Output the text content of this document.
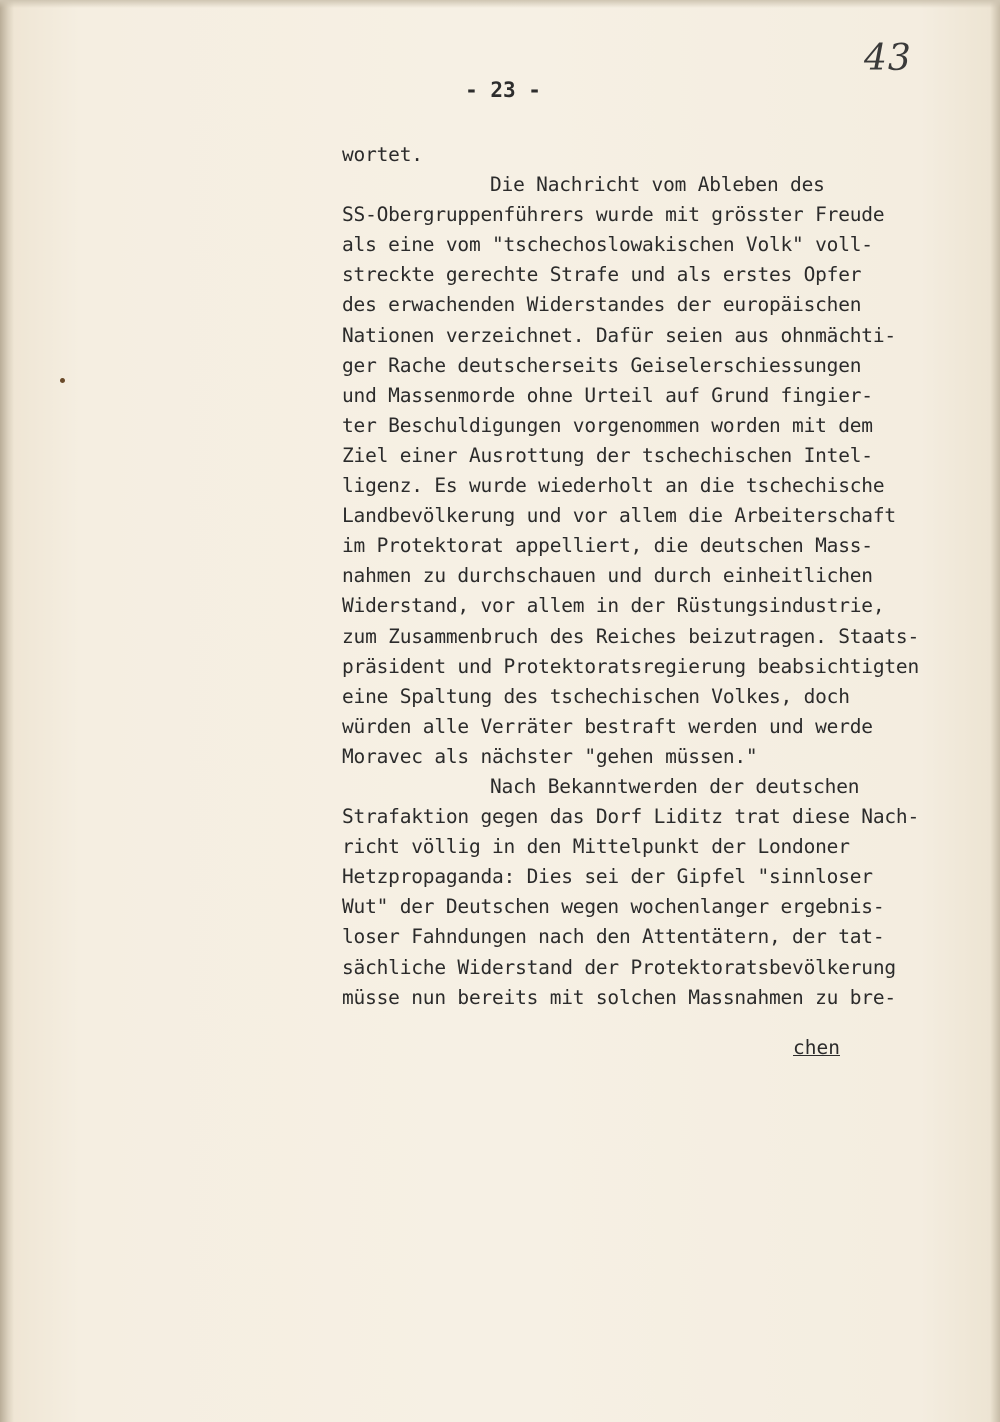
43
- 23 -
wortet.
Die Nachricht vom Ableben des
SS-Obergruppenführers wurde mit grösster Freude
als eine vom "tschechoslowakischen Volk" voll-
streckte gerechte Strafe und als erstes Opfer
des erwachenden Widerstandes der europäischen
Nationen verzeichnet. Dafür seien aus ohnmächti-
ger Rache deutscherseits Geiselerschiessungen
und Massenmorde ohne Urteil auf Grund fingier-
ter Beschuldigungen vorgenommen worden mit dem
Ziel einer Ausrottung der tschechischen Intel-
ligenz. Es wurde wiederholt an die tschechische
Landbevölkerung und vor allem die Arbeiterschaft
im Protektorat appelliert, die deutschen Mass-
nahmen zu durchschauen und durch einheitlichen
Widerstand, vor allem in der Rüstungsindustrie,
zum Zusammenbruch des Reiches beizutragen. Staats-
präsident und Protektoratsregierung beabsichtigten
eine Spaltung des tschechischen Volkes, doch
würden alle Verräter bestraft werden und werde
Moravec als nächster "gehen müssen."
Nach Bekanntwerden der deutschen
Strafaktion gegen das Dorf Liditz trat diese Nach-
richt völlig in den Mittelpunkt der Londoner
Hetzpropaganda: Dies sei der Gipfel "sinnloser
Wut" der Deutschen wegen wochenlanger ergebnis-
loser Fahndungen nach den Attentätern, der tat-
sächliche Widerstand der Protektoratsbevölkerung
müsse nun bereits mit solchen Massnahmen zu bre-
chen
